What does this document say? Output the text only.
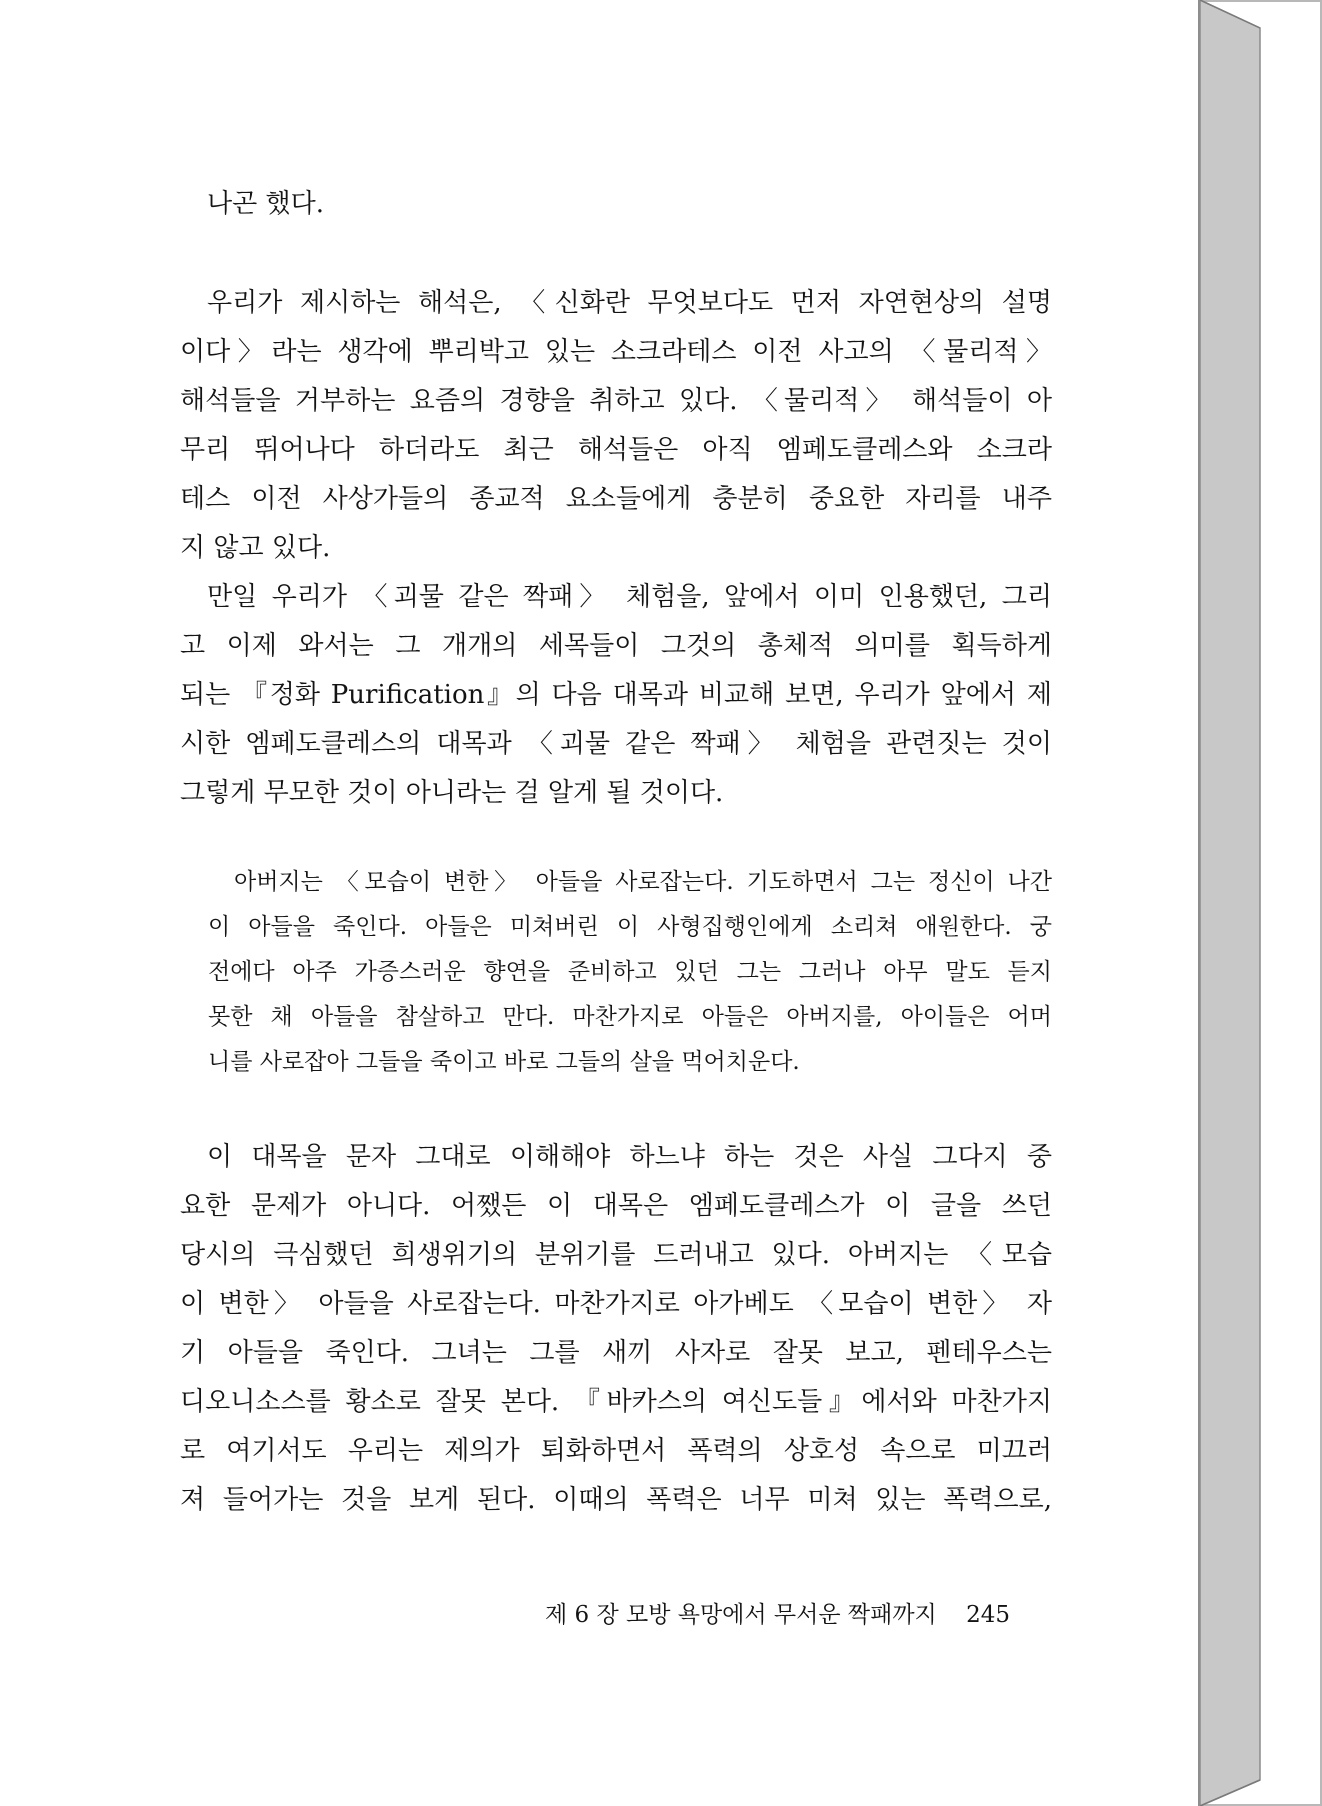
나곤 했다.
우리가 제시하는 해석은, 〈신화란 무엇보다도 먼저 자연현상의 설명
이다〉라는 생각에 뿌리박고 있는 소크라테스 이전 사고의 〈물리적〉
해석들을 거부하는 요즘의 경향을 취하고 있다. 〈물리적〉 해석들이 아
무리 뛰어나다 하더라도 최근 해석들은 아직 엠페도클레스와 소크라
테스 이전 사상가들의 종교적 요소들에게 충분히 중요한 자리를 내주
지 않고 있다.
만일 우리가 〈괴물 같은 짝패〉 체험을, 앞에서 이미 인용했던, 그리
고 이제 와서는 그 개개의 세목들이 그것의 총체적 의미를 획득하게
되는 『정화 Purification』의 다음 대목과 비교해 보면, 우리가 앞에서 제
시한 엠페도클레스의 대목과 〈괴물 같은 짝패〉 체험을 관련짓는 것이
그렇게 무모한 것이 아니라는 걸 알게 될 것이다.
아버지는 〈모습이 변한〉 아들을 사로잡는다. 기도하면서 그는 정신이 나간
이 아들을 죽인다. 아들은 미쳐버린 이 사형집행인에게 소리쳐 애원한다. 궁
전에다 아주 가증스러운 향연을 준비하고 있던 그는 그러나 아무 말도 듣지
못한 채 아들을 참살하고 만다. 마찬가지로 아들은 아버지를, 아이들은 어머
니를 사로잡아 그들을 죽이고 바로 그들의 살을 먹어치운다.
이 대목을 문자 그대로 이해해야 하느냐 하는 것은 사실 그다지 중
요한 문제가 아니다. 어쨌든 이 대목은 엠페도클레스가 이 글을 쓰던
당시의 극심했던 희생위기의 분위기를 드러내고 있다. 아버지는 〈모습
이 변한〉 아들을 사로잡는다. 마찬가지로 아가베도 〈모습이 변한〉 자
기 아들을 죽인다. 그녀는 그를 새끼 사자로 잘못 보고, 펜테우스는
디오니소스를 황소로 잘못 본다. 『바카스의 여신도들』에서와 마찬가지
로 여기서도 우리는 제의가 퇴화하면서 폭력의 상호성 속으로 미끄러
져 들어가는 것을 보게 된다. 이때의 폭력은 너무 미쳐 있는 폭력으로,
제 6 장 모방 욕망에서 무서운 짝패까지 245
